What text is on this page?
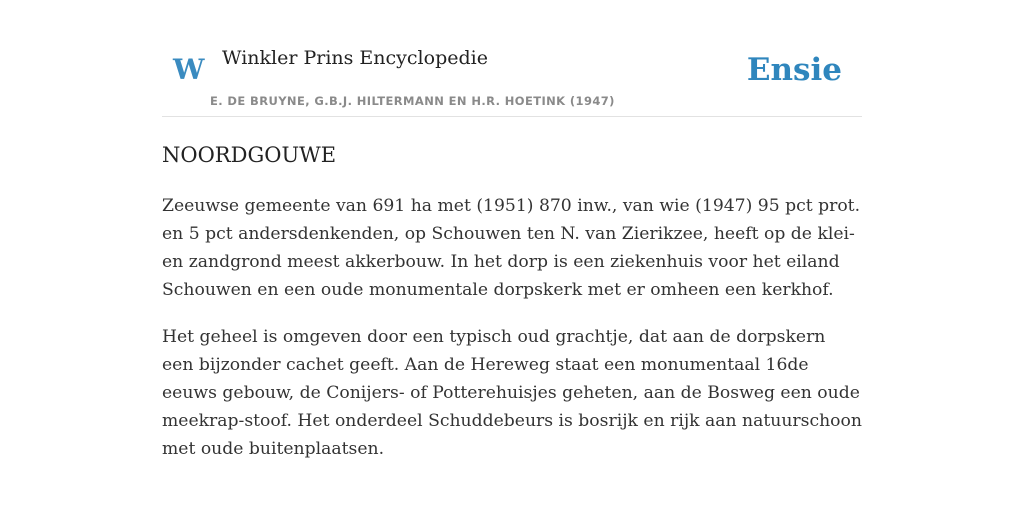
W Winkler Prins Encyclopedie
E. DE BRUYNE, G.B.J. HILTERMANN EN H.R. HOETINK (1947)
Ensie
NOORDGOUWE

Zeeuwse gemeente van 691 ha met (1951) 870 inw., van wie (1947) 95 pct prot. en 5 pct andersdenkenden, op Schouwen ten N. van Zierikzee, heeft op de klei- en zandgrond meest akkerbouw. In het dorp is een ziekenhuis voor het eiland Schouwen en een oude monumentale dorpskerk met er omheen een kerkhof.

Het geheel is omgeven door een typisch oud grachtje, dat aan de dorpskern een bijzonder cachet geeft. Aan de Hereweg staat een monumentaal 16de eeuws gebouw, de Conijers- of Potterehuisjes geheten, aan de Bosweg een oude meekrap-stoof. Het onderdeel Schuddebeurs is bosrijk en rijk aan natuurschoon met oude buitenplaatsen.
